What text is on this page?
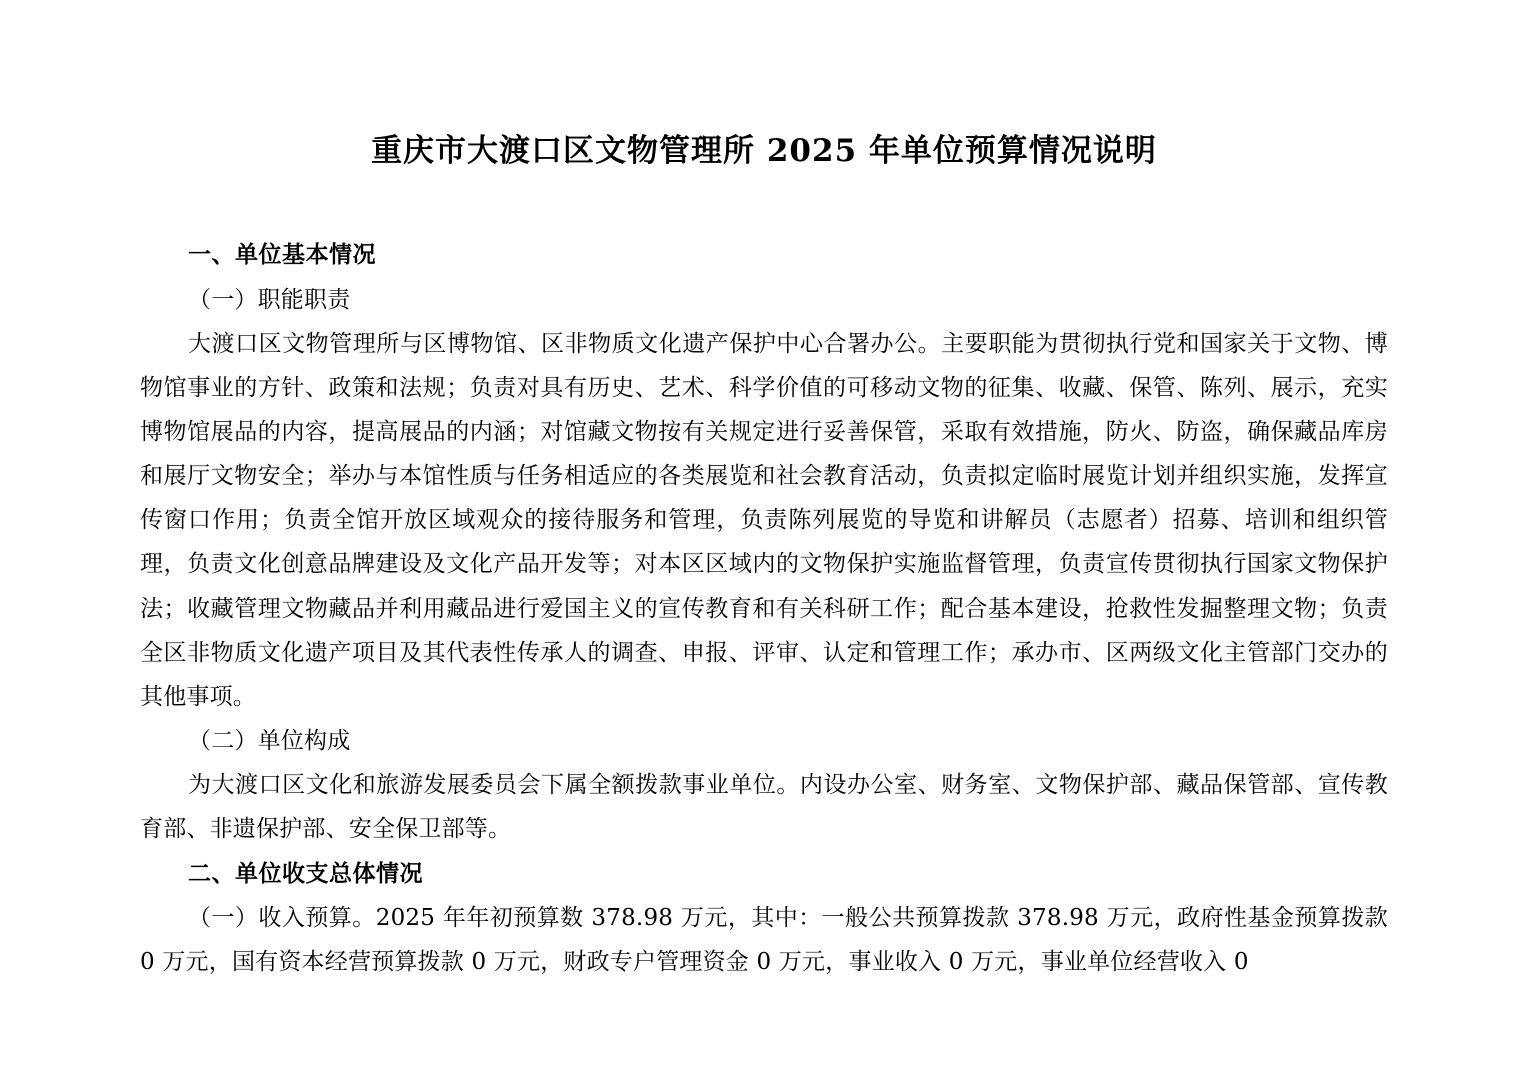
重庆市大渡口区文物管理所 2025 年单位预算情况说明

一、单位基本情况

（一）职能职责

大渡口区文物管理所与区博物馆、区非物质文化遗产保护中心合署办公。主要职能为贯彻执行党和国家关于文物、博物馆事业的方针、政策和法规；负责对具有历史、艺术、科学价值的可移动文物的征集、收藏、保管、陈列、展示，充实博物馆展品的内容，提高展品的内涵；对馆藏文物按有关规定进行妥善保管，采取有效措施，防火、防盗，确保藏品库房和展厅文物安全；举办与本馆性质与任务相适应的各类展览和社会教育活动，负责拟定临时展览计划并组织实施，发挥宣传窗口作用；负责全馆开放区域观众的接待服务和管理，负责陈列展览的导览和讲解员（志愿者）招募、培训和组织管理，负责文化创意品牌建设及文化产品开发等；对本区区域内的文物保护实施监督管理，负责宣传贯彻执行国家文物保护法；收藏管理文物藏品并利用藏品进行爱国主义的宣传教育和有关科研工作；配合基本建设，抢救性发掘整理文物；负责全区非物质文化遗产项目及其代表性传承人的调查、申报、评审、认定和管理工作；承办市、区两级文化主管部门交办的其他事项。

（二）单位构成

为大渡口区文化和旅游发展委员会下属全额拨款事业单位。内设办公室、财务室、文物保护部、藏品保管部、宣传教育部、非遗保护部、安全保卫部等。

二、单位收支总体情况

（一）收入预算。2025 年年初预算数 378.98 万元，其中：一般公共预算拨款 378.98 万元，政府性基金预算拨款 0 万元，国有资本经营预算拨款 0 万元，财政专户管理资金 0 万元，事业收入 0 万元，事业单位经营收入 0
